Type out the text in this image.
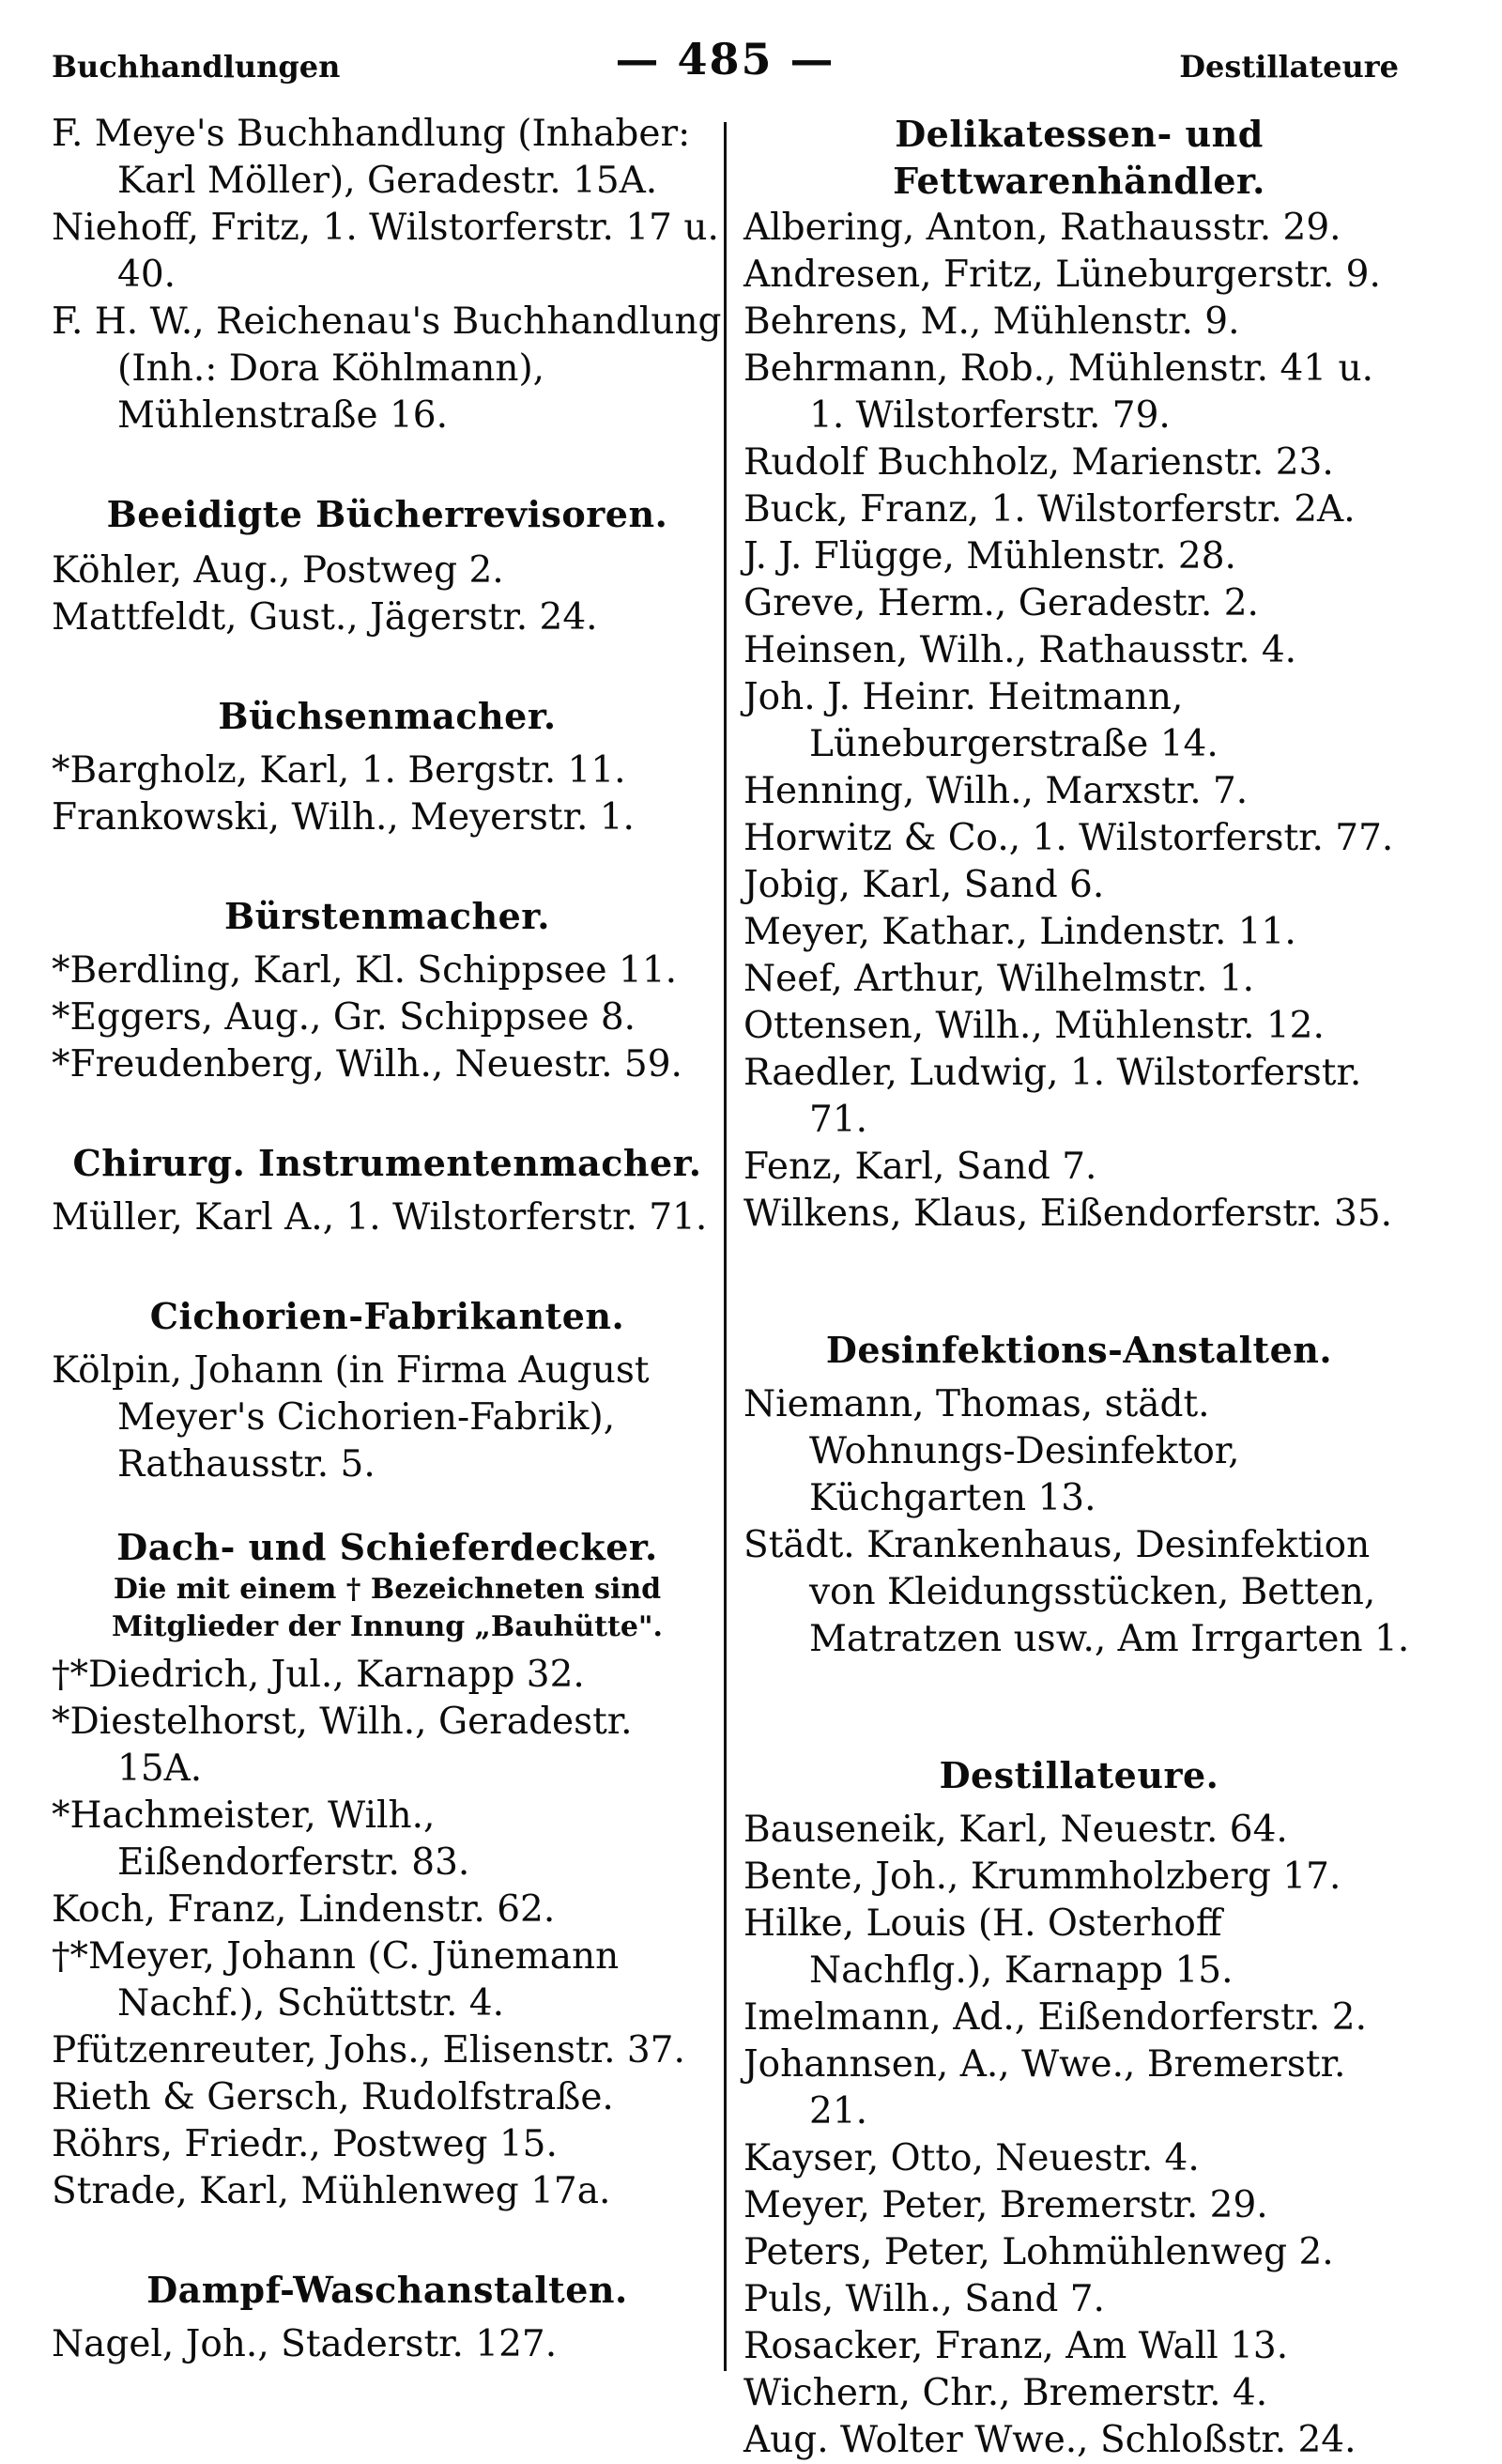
Buchhandlungen	— 485 —	Destillateure

F. Meye's Buchhandlung (Inhaber: Karl Möller), Geradestr. 15A.

Niehoff, Fritz, 1. Wilstorferstr. 17 u. 40.

F. H. W., Reichenau's Buchhandlung (Inh.: Dora Köhlmann), Mühlenstraße 16.

Beeidigte Bücherrevisoren.

Köhler, Aug., Postweg 2.

Mattfeldt, Gust., Jägerstr. 24.

Büchsenmacher.

*Bargholz, Karl, 1. Bergstr. 11.

Frankowski, Wilh., Meyerstr. 1.

Bürstenmacher.

*Berdling, Karl, Kl. Schippsee 11.

*Eggers, Aug., Gr. Schippsee 8.

*Freudenberg, Wilh., Neuestr. 59.

Chirurg. Instrumentenmacher.

Müller, Karl A., 1. Wilstorferstr. 71.

Cichorien-Fabrikanten.

Kölpin, Johann (in Firma August Meyer's Cichorien-Fabrik), Rathausstr. 5.

Dach- und Schieferdecker.

Die mit einem † Bezeichneten sind Mitglieder der Innung „Bauhütte".

†*Diedrich, Jul., Karnapp 32.

*Diestelhorst, Wilh., Geradestr. 15A.

*Hachmeister, Wilh., Eißendorferstr. 83.

Koch, Franz, Lindenstr. 62.

†*Meyer, Johann (C. Jünemann Nachf.), Schüttstr. 4.

Pfützenreuter, Johs., Elisenstr. 37.

Rieth & Gersch, Rudolfstraße.

Röhrs, Friedr., Postweg 15.

Strade, Karl, Mühlenweg 17a.

Dampf-Waschanstalten.

Nagel, Joh., Staderstr. 127.

Delikatessen- und Fettwarenhändler.

Albering, Anton, Rathausstr. 29.

Andresen, Fritz, Lüneburgerstr. 9.

Behrens, M., Mühlenstr. 9.

Behrmann, Rob., Mühlenstr. 41 u. 1. Wilstorferstr. 79.

Rudolf Buchholz, Marienstr. 23.

Buck, Franz, 1. Wilstorferstr. 2A.

J. J. Flügge, Mühlenstr. 28.

Greve, Herm., Geradestr. 2.

Heinsen, Wilh., Rathausstr. 4.

Joh. J. Heinr. Heitmann, Lüneburgerstraße 14.

Henning, Wilh., Marxstr. 7.

Horwitz & Co., 1. Wilstorferstr. 77.

Jobig, Karl, Sand 6.

Meyer, Kathar., Lindenstr. 11.

Neef, Arthur, Wilhelmstr. 1.

Ottensen, Wilh., Mühlenstr. 12.

Raedler, Ludwig, 1. Wilstorferstr. 71.

Fenz, Karl, Sand 7.

Wilkens, Klaus, Eißendorferstr. 35.

Desinfektions-Anstalten.

Niemann, Thomas, städt. Wohnungs-Desinfektor, Küchgarten 13.

Städt. Krankenhaus, Desinfektion von Kleidungsstücken, Betten, Matratzen usw., Am Irrgarten 1.

Destillateure.

Bauseneik, Karl, Neuestr. 64.

Bente, Joh., Krummholzberg 17.

Hilke, Louis (H. Osterhoff Nachflg.), Karnapp 15.

Imelmann, Ad., Eißendorferstr. 2.

Johannsen, A., Wwe., Bremerstr. 21.

Kayser, Otto, Neuestr. 4.

Meyer, Peter, Bremerstr. 29.

Peters, Peter, Lohmühlenweg 2.

Puls, Wilh., Sand 7.

Rosacker, Franz, Am Wall 13.

Wichern, Chr., Bremerstr. 4.

Aug. Wolter Wwe., Schloßstr. 24.
